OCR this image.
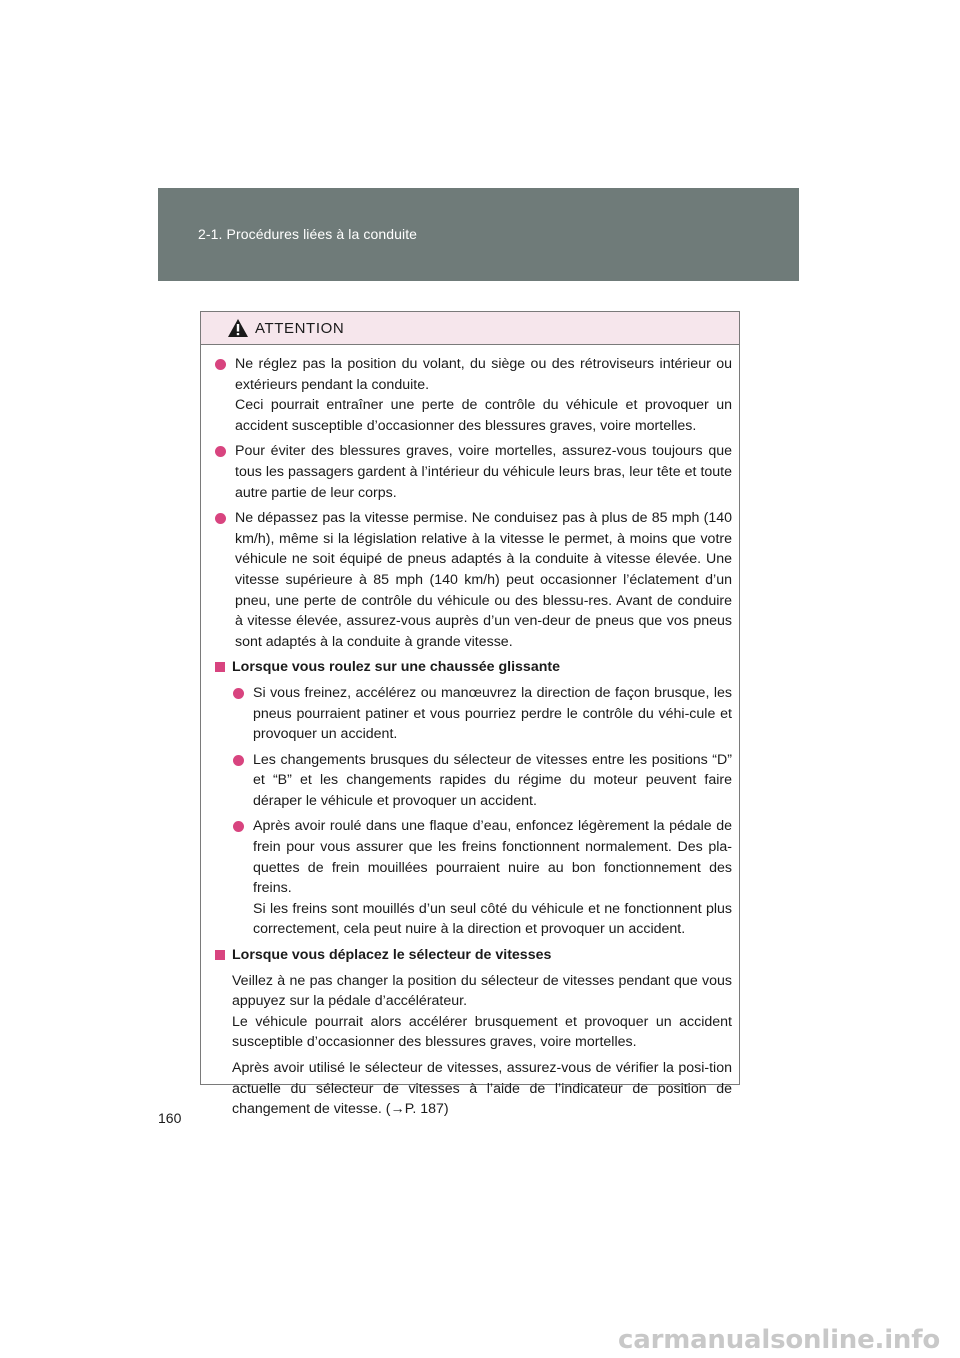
2-1. Procédures liées à la conduite
ATTENTION
Ne réglez pas la position du volant, du siège ou des rétroviseurs intérieur ou extérieurs pendant la conduite.
Ceci pourrait entraîner une perte de contrôle du véhicule et provoquer un accident susceptible d’occasionner des blessures graves, voire mortelles.
Pour éviter des blessures graves, voire mortelles, assurez-vous toujours que tous les passagers gardent à l’intérieur du véhicule leurs bras, leur tête et toute autre partie de leur corps.
Ne dépassez pas la vitesse permise. Ne conduisez pas à plus de 85 mph (140 km/h), même si la législation relative à la vitesse le permet, à moins que votre véhicule ne soit équipé de pneus adaptés à la conduite à vitesse élevée. Une vitesse supérieure à 85 mph (140 km/h) peut occasionner l’éclatement d’un pneu, une perte de contrôle du véhicule ou des blessu-res. Avant de conduire à vitesse élevée, assurez-vous auprès d’un ven-deur de pneus que vos pneus sont adaptés à la conduite à grande vitesse.
Lorsque vous roulez sur une chaussée glissante
Si vous freinez, accélérez ou manœuvrez la direction de façon brusque, les pneus pourraient patiner et vous pourriez perdre le contrôle du véhi-cule et provoquer un accident.
Les changements brusques du sélecteur de vitesses entre les positions “D” et “B” et les changements rapides du régime du moteur peuvent faire déraper le véhicule et provoquer un accident.
Après avoir roulé dans une flaque d’eau, enfoncez légèrement la pédale de frein pour vous assurer que les freins fonctionnent normalement. Des pla-quettes de frein mouillées pourraient nuire au bon fonctionnement des freins.
Si les freins sont mouillés d’un seul côté du véhicule et ne fonctionnent plus correctement, cela peut nuire à la direction et provoquer un accident.
Lorsque vous déplacez le sélecteur de vitesses
Veillez à ne pas changer la position du sélecteur de vitesses pendant que vous appuyez sur la pédale d’accélérateur.
Le véhicule pourrait alors accélérer brusquement et provoquer un accident susceptible d’occasionner des blessures graves, voire mortelles.
Après avoir utilisé le sélecteur de vitesses, assurez-vous de vérifier la posi-tion actuelle du sélecteur de vitesses à l’aide de l’indicateur de position de changement de vitesse. (→P. 187)
160
carmanualsonline.info
